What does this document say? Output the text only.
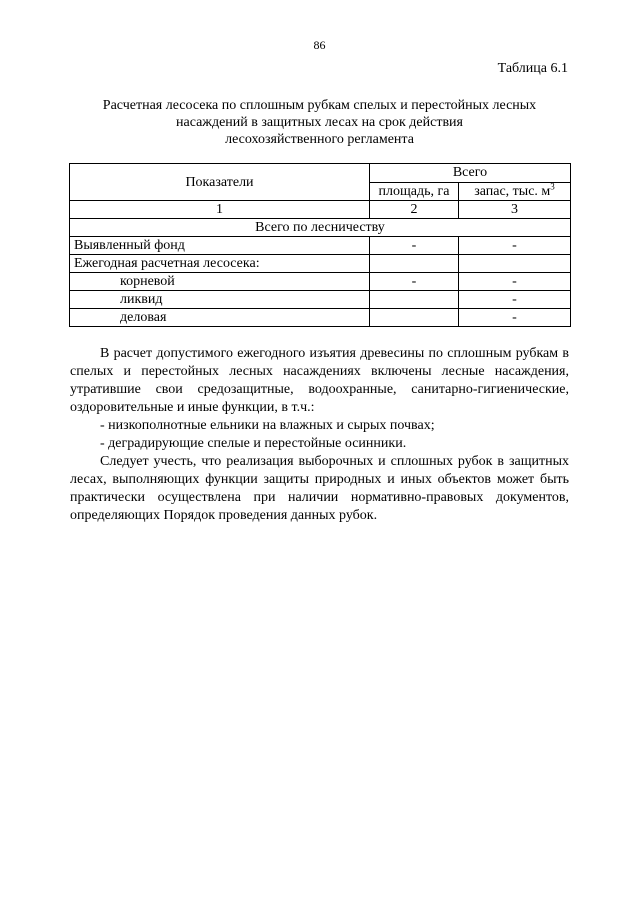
86
Таблица 6.1
Расчетная лесосека по сплошным рубкам спелых и перестойных лесных
насаждений в защитных лесах на срок действия
лесохозяйственного регламента
Показатели	Всего	
	площадь, га	запас, тыс. $м^3$
1	2	3
Всего по лесничеству		
Выявленный фонд	-	-
Ежегодная расчетная лесосека:		
корневой	-	-
ликвид		-
деловая		-

В расчет допустимого ежегодного изъятия древесины по сплошным рубкам в спелых и перестойных лесных насаждениях включены лесные насаждения, утратившие свои средозащитные, водоохранные, санитарно-гигиенические, оздоровительные и иные функции, в т.ч.:

- низкополнотные ельники на влажных и сырых почвах;

- деградирующие спелые и перестойные осинники.

Следует учесть, что реализация выборочных и сплошных рубок в защитных лесах, выполняющих функции защиты природных и иных объектов может быть практически осуществлена при наличии нормативно-правовых документов, определяющих Порядок проведения данных рубок.
